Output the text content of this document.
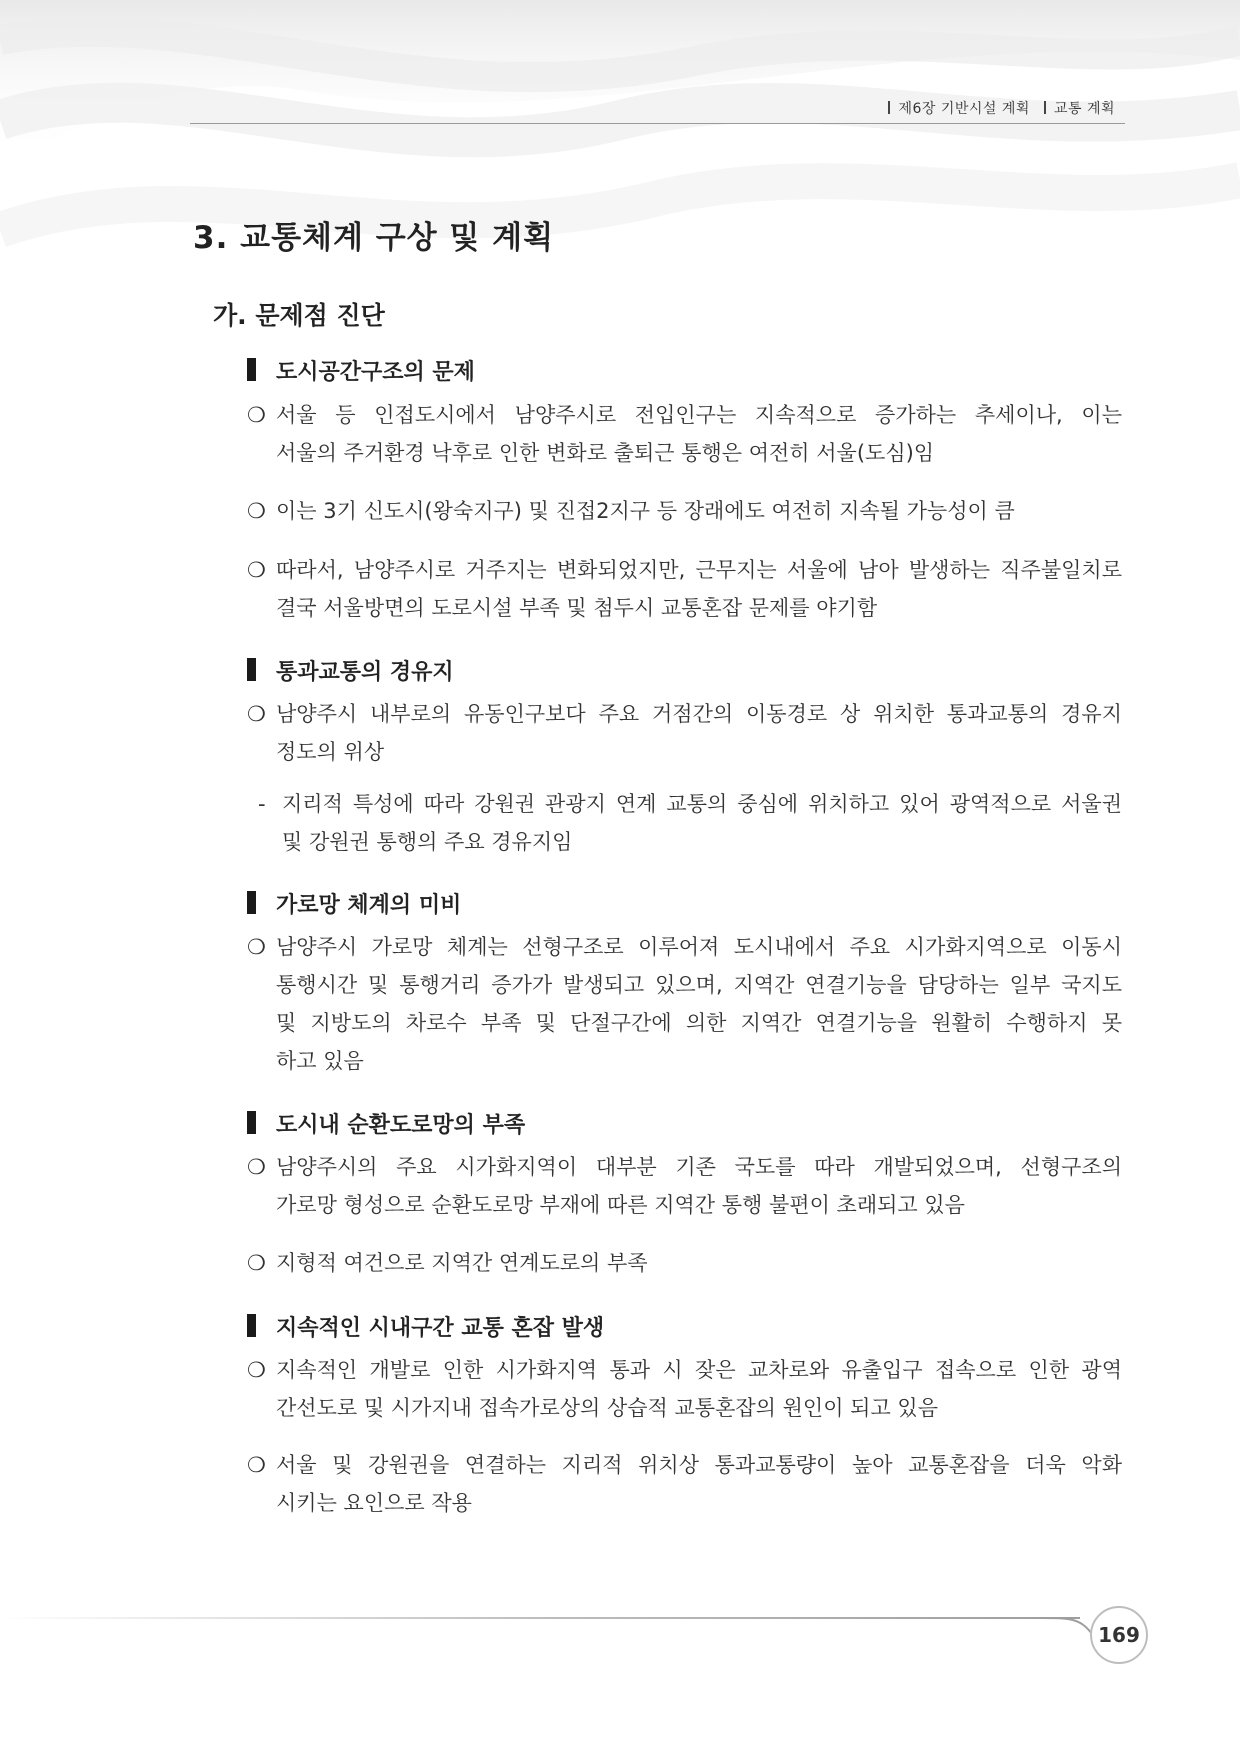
제6장 기반시설 계획 교통 계획
3. 교통체계 구상 및 계획
가. 문제점 진단
도시공간구조의 문제
❍ 서울 등 인접도시에서 남양주시로 전입인구는 지속적으로 증가하는 추세이나, 이는
서울의 주거환경 낙후로 인한 변화로 출퇴근 통행은 여전히 서울(도심)임
❍ 이는 3기 신도시(왕숙지구) 및 진접2지구 등 장래에도 여전히 지속될 가능성이 큼
❍ 따라서, 남양주시로 거주지는 변화되었지만, 근무지는 서울에 남아 발생하는 직주불일치로
결국 서울방면의 도로시설 부족 및 첨두시 교통혼잡 문제를 야기함
통과교통의 경유지
❍ 남양주시 내부로의 유동인구보다 주요 거점간의 이동경로 상 위치한 통과교통의 경유지
정도의 위상
- 지리적 특성에 따라 강원권 관광지 연계 교통의 중심에 위치하고 있어 광역적으로 서울권
및 강원권 통행의 주요 경유지임
가로망 체계의 미비
❍ 남양주시 가로망 체계는 선형구조로 이루어져 도시내에서 주요 시가화지역으로 이동시
통행시간 및 통행거리 증가가 발생되고 있으며, 지역간 연결기능을 담당하는 일부 국지도
및 지방도의 차로수 부족 및 단절구간에 의한 지역간 연결기능을 원활히 수행하지 못
하고 있음
도시내 순환도로망의 부족
❍ 남양주시의 주요 시가화지역이 대부분 기존 국도를 따라 개발되었으며, 선형구조의
가로망 형성으로 순환도로망 부재에 따른 지역간 통행 불편이 초래되고 있음
❍ 지형적 여건으로 지역간 연계도로의 부족
지속적인 시내구간 교통 혼잡 발생
❍ 지속적인 개발로 인한 시가화지역 통과 시 잦은 교차로와 유출입구 접속으로 인한 광역
간선도로 및 시가지내 접속가로상의 상습적 교통혼잡의 원인이 되고 있음
❍ 서울 및 강원권을 연결하는 지리적 위치상 통과교통량이 높아 교통혼잡을 더욱 악화
시키는 요인으로 작용
169
